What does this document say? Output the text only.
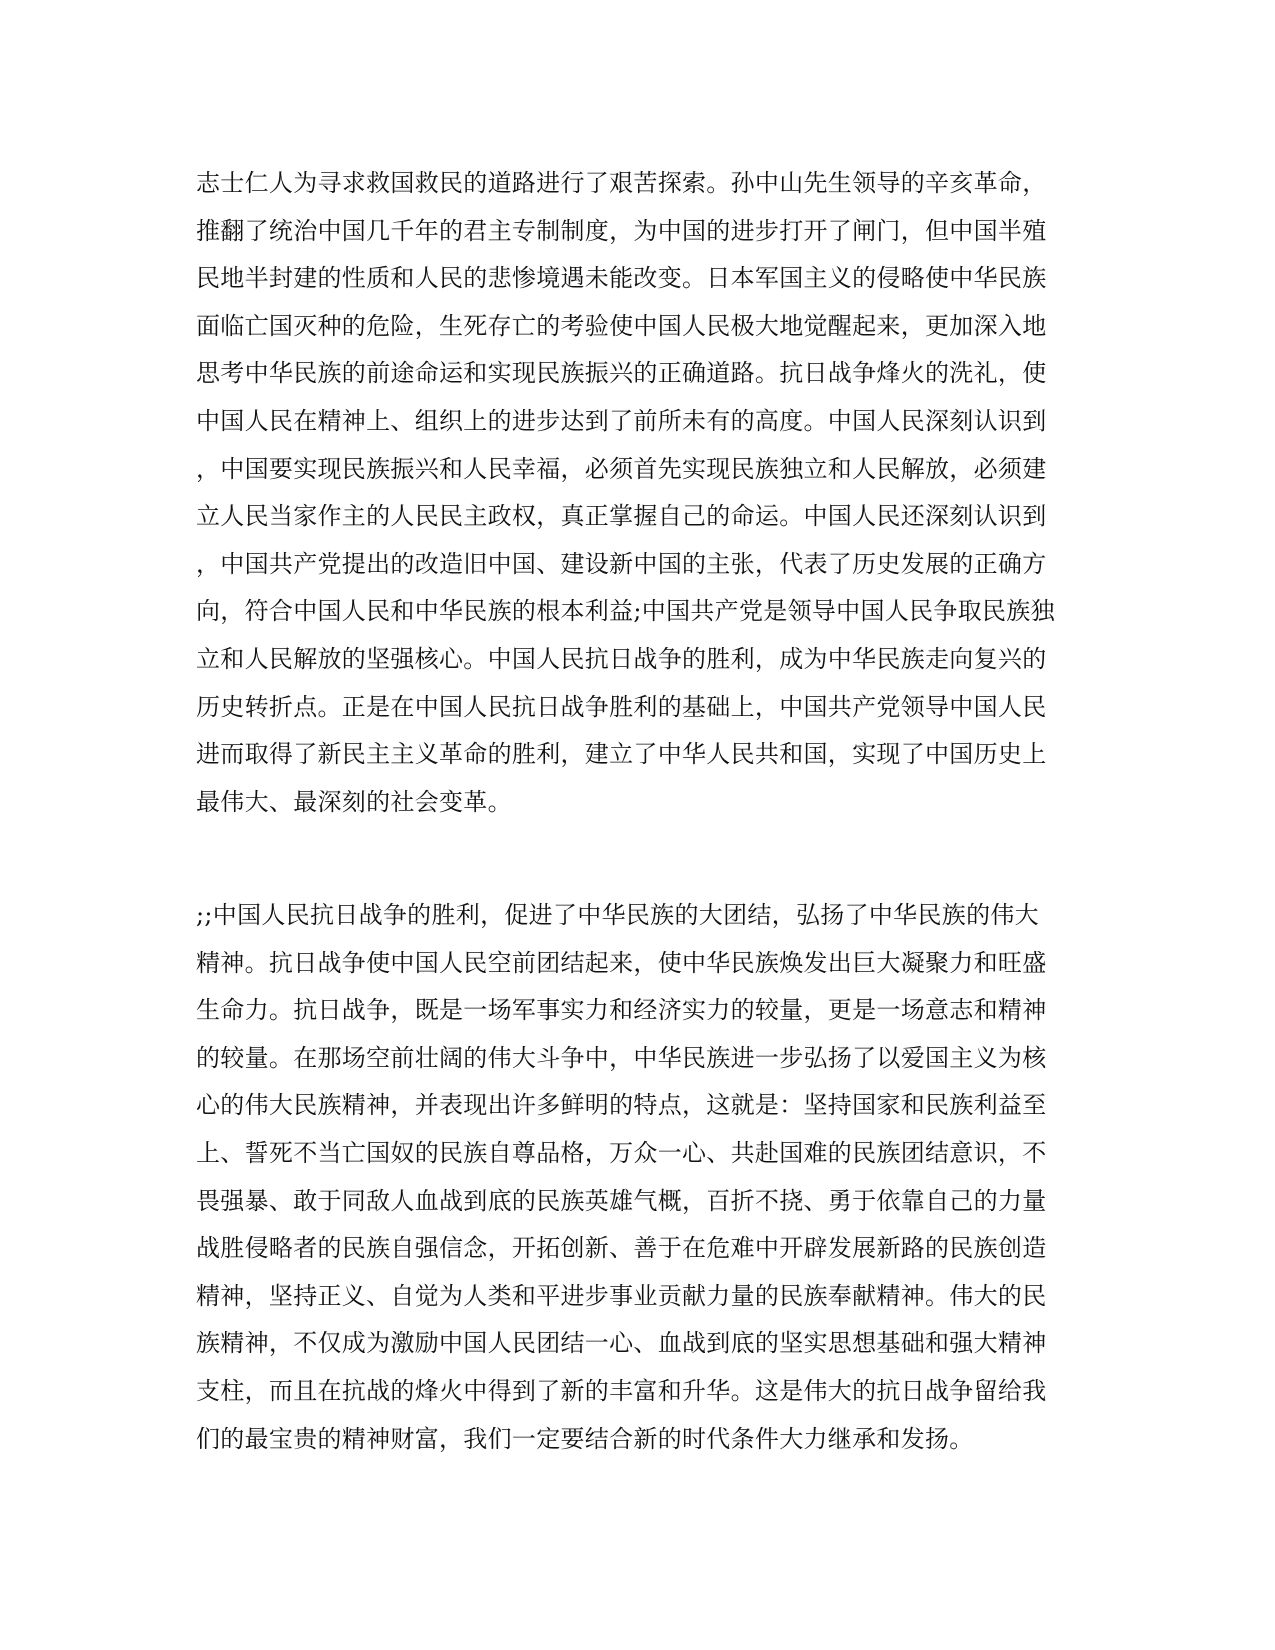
志士仁人为寻求救国救民的道路进行了艰苦探索。孙中山先生领导的辛亥革命，
推翻了统治中国几千年的君主专制制度，为中国的进步打开了闸门，但中国半殖
民地半封建的性质和人民的悲惨境遇未能改变。日本军国主义的侵略使中华民族
面临亡国灭种的危险，生死存亡的考验使中国人民极大地觉醒起来，更加深入地
思考中华民族的前途命运和实现民族振兴的正确道路。抗日战争烽火的洗礼，使
中国人民在精神上、组织上的进步达到了前所未有的高度。中国人民深刻认识到
，中国要实现民族振兴和人民幸福，必须首先实现民族独立和人民解放，必须建
立人民当家作主的人民民主政权，真正掌握自己的命运。中国人民还深刻认识到
，中国共产党提出的改造旧中国、建设新中国的主张，代表了历史发展的正确方
向，符合中国人民和中华民族的根本利益;中国共产党是领导中国人民争取民族独
立和人民解放的坚强核心。中国人民抗日战争的胜利，成为中华民族走向复兴的
历史转折点。正是在中国人民抗日战争胜利的基础上，中国共产党领导中国人民
进而取得了新民主主义革命的胜利，建立了中华人民共和国，实现了中国历史上
最伟大、最深刻的社会变革。
;;中国人民抗日战争的胜利，促进了中华民族的大团结，弘扬了中华民族的伟大
精神。抗日战争使中国人民空前团结起来，使中华民族焕发出巨大凝聚力和旺盛
生命力。抗日战争，既是一场军事实力和经济实力的较量，更是一场意志和精神
的较量。在那场空前壮阔的伟大斗争中，中华民族进一步弘扬了以爱国主义为核
心的伟大民族精神，并表现出许多鲜明的特点，这就是：坚持国家和民族利益至
上、誓死不当亡国奴的民族自尊品格，万众一心、共赴国难的民族团结意识，不
畏强暴、敢于同敌人血战到底的民族英雄气概，百折不挠、勇于依靠自己的力量
战胜侵略者的民族自强信念，开拓创新、善于在危难中开辟发展新路的民族创造
精神，坚持正义、自觉为人类和平进步事业贡献力量的民族奉献精神。伟大的民
族精神，不仅成为激励中国人民团结一心、血战到底的坚实思想基础和强大精神
支柱，而且在抗战的烽火中得到了新的丰富和升华。这是伟大的抗日战争留给我
们的最宝贵的精神财富，我们一定要结合新的时代条件大力继承和发扬。
